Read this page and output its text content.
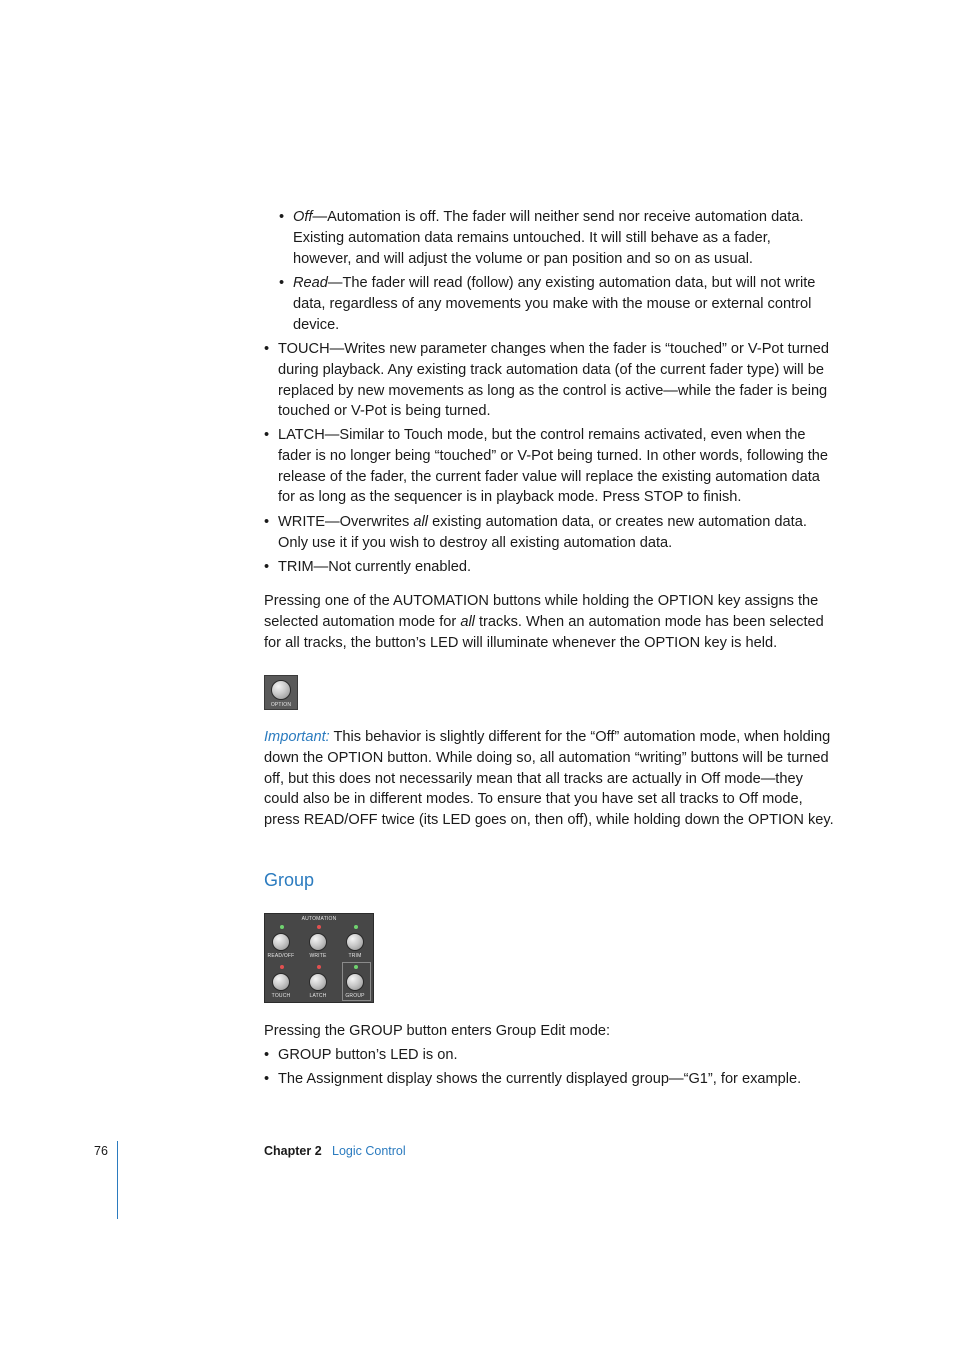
• Off—Automation is off. The fader will neither send nor receive automation data. Existing automation data remains untouched. It will still behave as a fader, however, and will adjust the volume or pan position and so on as usual.
• Read—The fader will read (follow) any existing automation data, but will not write data, regardless of any movements you make with the mouse or external control device.
• TOUCH—Writes new parameter changes when the fader is “touched” or V-Pot turned during playback. Any existing track automation data (of the current fader type) will be replaced by new movements as long as the control is active—while the fader is being touched or V-Pot is being turned.
• LATCH—Similar to Touch mode, but the control remains activated, even when the fader is no longer being “touched” or V-Pot being turned. In other words, following the release of the fader, the current fader value will replace the existing automation data for as long as the sequencer is in playback mode. Press STOP to finish.
• WRITE—Overwrites all existing automation data, or creates new automation data. Only use it if you wish to destroy all existing automation data.
• TRIM—Not currently enabled.

Pressing one of the AUTOMATION buttons while holding the OPTION key assigns the selected automation mode for all tracks. When an automation mode has been selected for all tracks, the button’s LED will illuminate whenever the OPTION key is held.

OPTION

Important: This behavior is slightly different for the “Off” automation mode, when holding down the OPTION button. While doing so, all automation “writing” buttons will be turned off, but this does not necessarily mean that all tracks are actually in Off mode—they could also be in different modes. To ensure that you have set all tracks to Off mode, press READ/OFF twice (its LED goes on, then off), while holding down the OPTION key.

Group
AUTOMATION
READ/OFF	WRITE	TRIM
TOUCH	LATCH	GROUP

Pressing the GROUP button enters Group Edit mode:

• GROUP button’s LED is on.
• The Assignment display shows the currently displayed group—“G1”, for example.
76	Chapter 2 Logic Control
